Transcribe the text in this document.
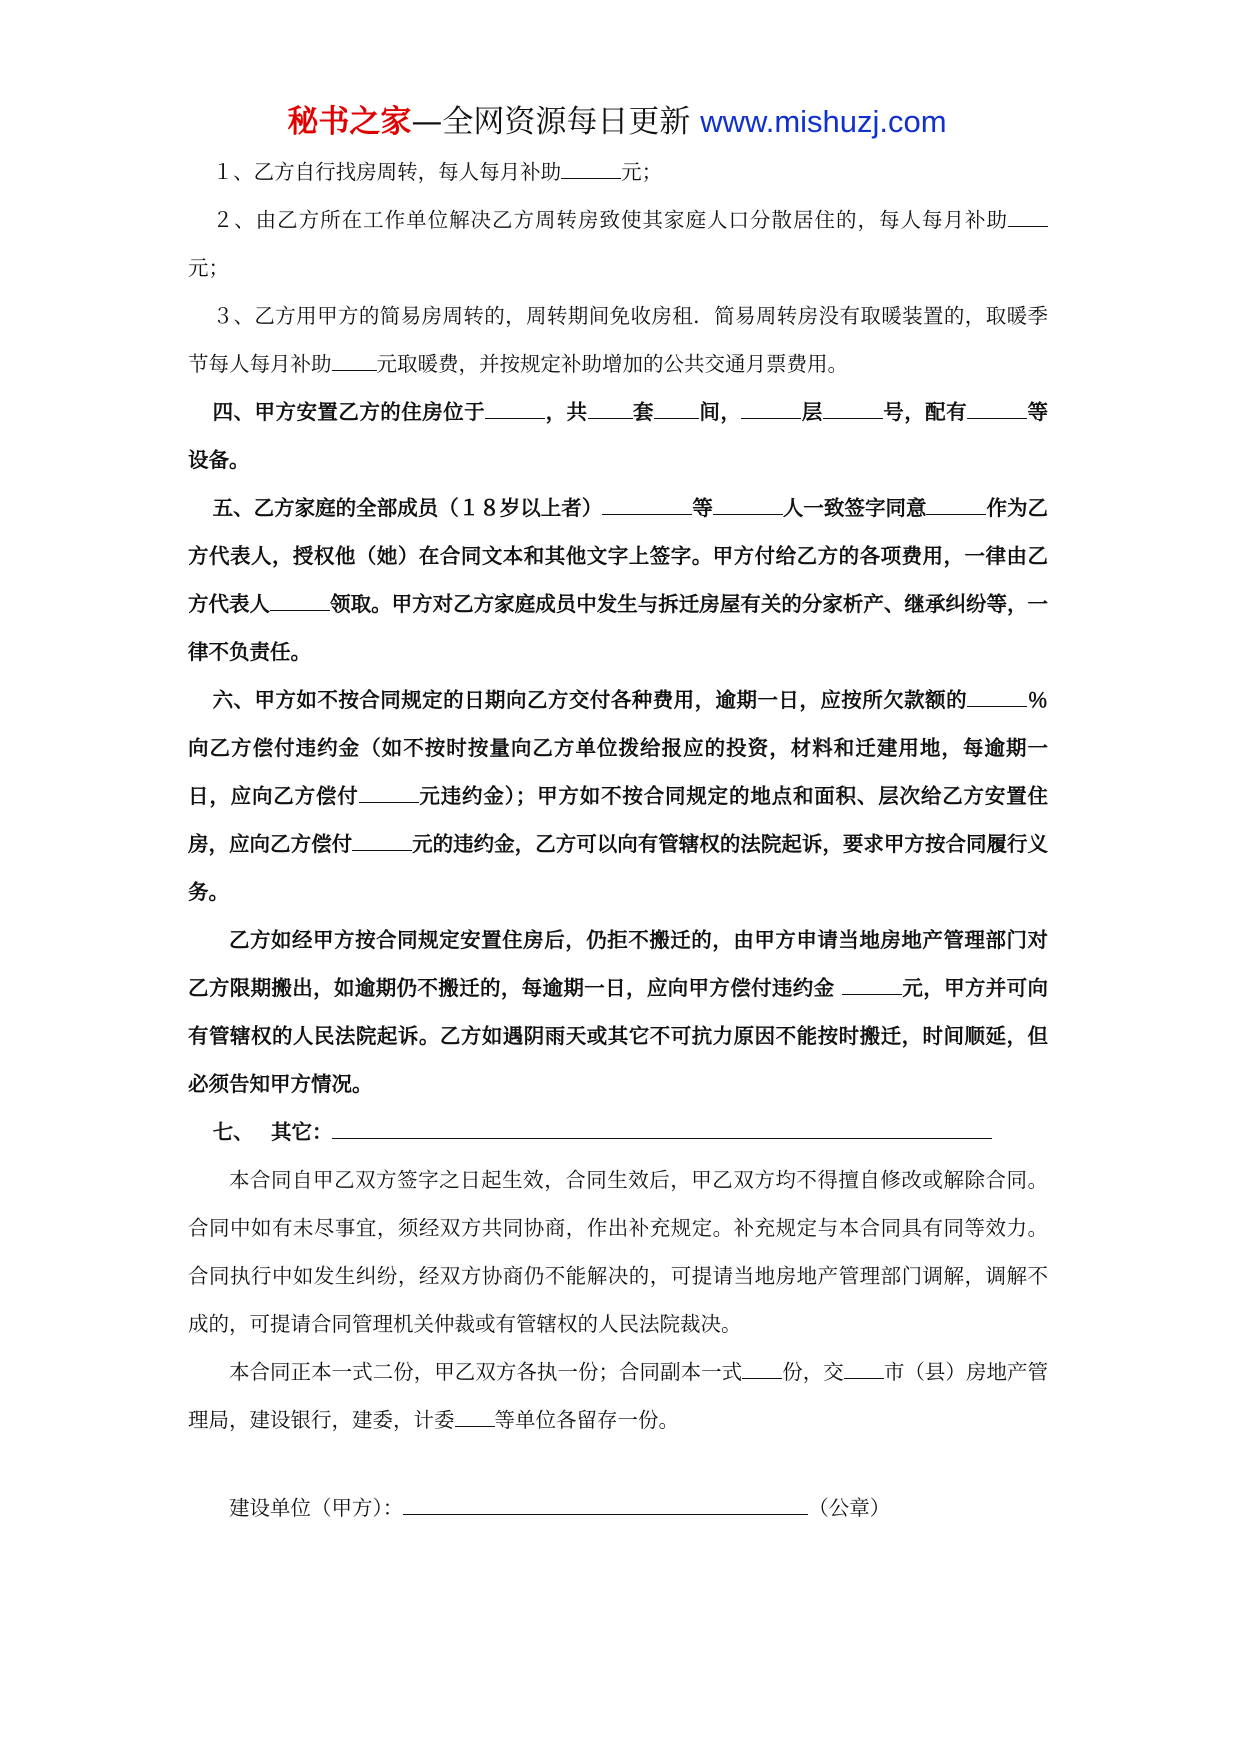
秘书之家—全网资源每日更新 www.mishuzj.com

１、乙方自行找房周转，每人每月补助	元；

２、由乙方所在工作单位解决乙方周转房致使其家庭人口分散居住的，每人每月补助元；

３、乙方用甲方的简易房周转的，周转期间免收房租．简易周转房没有取暖装置的，取暖季节每人每月补助 元取暖费，并按规定补助增加的公共交通月票费用。

四、甲方安置乙方的住房位于	，共 套 间，	层	号，配有	等设备。

五、乙方家庭的全部成员（１８岁以上者）	等	人一致签字同意	作为乙方代表人，授权他（她）在合同文本和其他文字上签字。甲方付给乙方的各项费用，一律由乙方代表人	领取。甲方对乙方家庭成员中发生与拆迁房屋有关的分家析产、继承纠纷等，一律不负责任。

六、甲方如不按合同规定的日期向乙方交付各种费用，逾期一日，应按所欠款额的	％向乙方偿付违约金（如不按时按量向乙方单位拨给报应的投资，材料和迁建用地，每逾期一日，应向乙方偿付	元违约金）；甲方如不按合同规定的地点和面积、层次给乙方安置住房，应向乙方偿付	元的违约金，乙方可以向有管辖权的法院起诉，要求甲方按合同履行义务。

乙方如经甲方按合同规定安置住房后，仍拒不搬迁的，由甲方申请当地房地产管理部门对乙方限期搬出，如逾期仍不搬迁的，每逾期一日，应向甲方偿付违约金	元，甲方并可向有管辖权的人民法院起诉。乙方如遇阴雨天或其它不可抗力原因不能按时搬迁，时间顺延，但必须告知甲方情况。

七、　 其它：

本合同自甲乙双方签字之日起生效，合同生效后，甲乙双方均不得擅自修改或解除合同。合同中如有未尽事宜，须经双方共同协商，作出补充规定。补充规定与本合同具有同等效力。合同执行中如发生纠纷，经双方协商仍不能解决的，可提请当地房地产管理部门调解，调解不成的，可提请合同管理机关仲裁或有管辖权的人民法院裁决。

本合同正本一式二份，甲乙双方各执一份；合同副本一式 份，交 市（县）房地产管理局，建设银行，建委，计委 等单位各留存一份。

建设单位（甲方）：	（公章）
